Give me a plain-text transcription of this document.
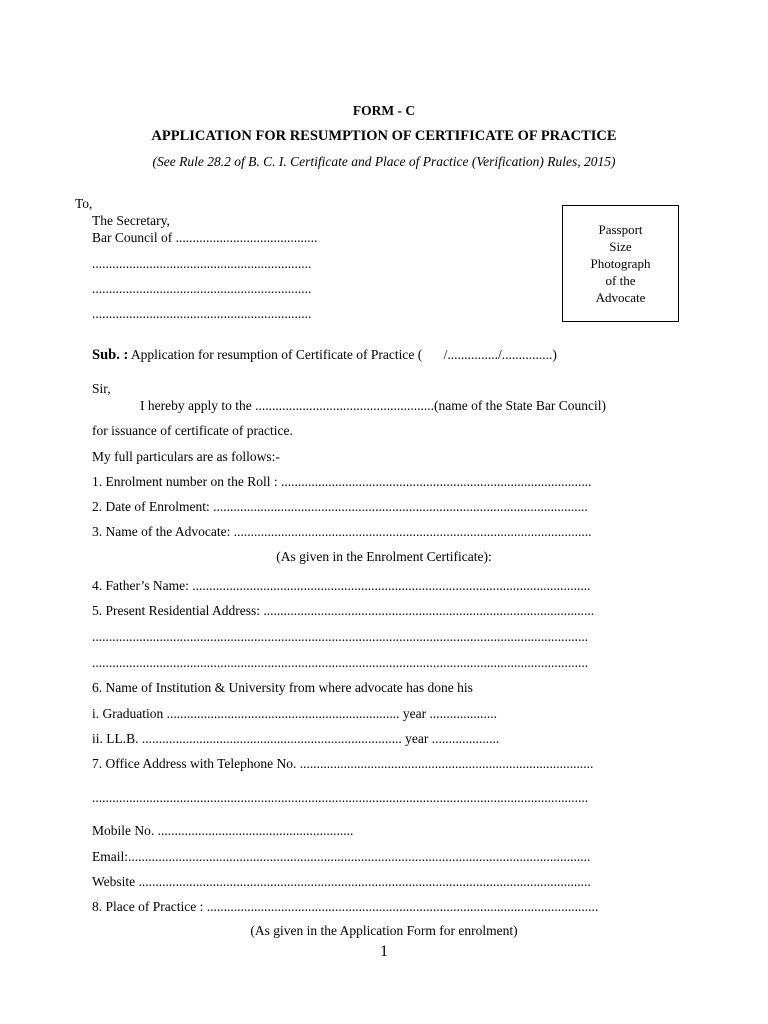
FORM - C
APPLICATION FOR RESUMPTION OF CERTIFICATE OF PRACTICE
(See Rule 28.2 of B. C. I. Certificate and Place of Practice (Verification) Rules, 2015)
To,
The Secretary,
Bar Council of ..........................................
.................................................................
.................................................................
.................................................................
Passport
Size
Photograph
of the
Advocate
Sub. : Application for resumption of Certificate of Practice ( /.............../...............)
Sir,
I hereby apply to the .....................................................(name of the State Bar Council)
for issuance of certificate of practice.
My full particulars are as follows:-
1. Enrolment number on the Roll : ............................................................................................
2. Date of Enrolment: ...............................................................................................................
3. Name of the Advocate: ..........................................................................................................
(As given in the Enrolment Certificate):
4. Father’s Name: ......................................................................................................................
5. Present Residential Address: ..................................................................................................
...................................................................................................................................................
...................................................................................................................................................
6. Name of Institution & University from where advocate has done his
i. Graduation ..................................................................... year ....................
ii. LL.B. ............................................................................. year ....................
7. Office Address with Telephone No. .......................................................................................
...................................................................................................................................................
Mobile No. ..........................................................
Email:.........................................................................................................................................
Website ......................................................................................................................................
8. Place of Practice : ....................................................................................................................
(As given in the Application Form for enrolment)
1
